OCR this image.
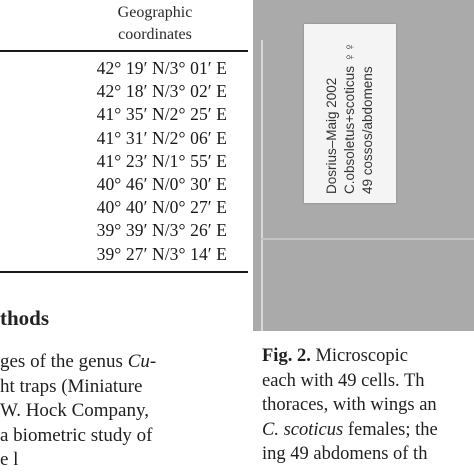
Geographic
coordinates
42° 19′ N/3° 01′ E
42° 18′ N/3° 02′ E
41° 35′ N/2° 25′ E
41° 31′ N/2° 06′ E
41° 23′ N/1° 55′ E
40° 46′ N/0° 30′ E
40° 40′ N/0° 27′ E
39° 39′ N/3° 26′ E
39° 27′ N/3° 14′ E
thods
ges of the genus Cu-
ht traps (Miniature
W. Hock Company,
a biometric study of
e l
Dosrius–Maig 2002 C.obsoletus+scoticus ♀♀ 49 cossos/abdomens
Fig. 2. Microscopic
each with 49 cells. Th
thoraces, with wings an
C. scoticus females; the
ing 49 abdomens of th
